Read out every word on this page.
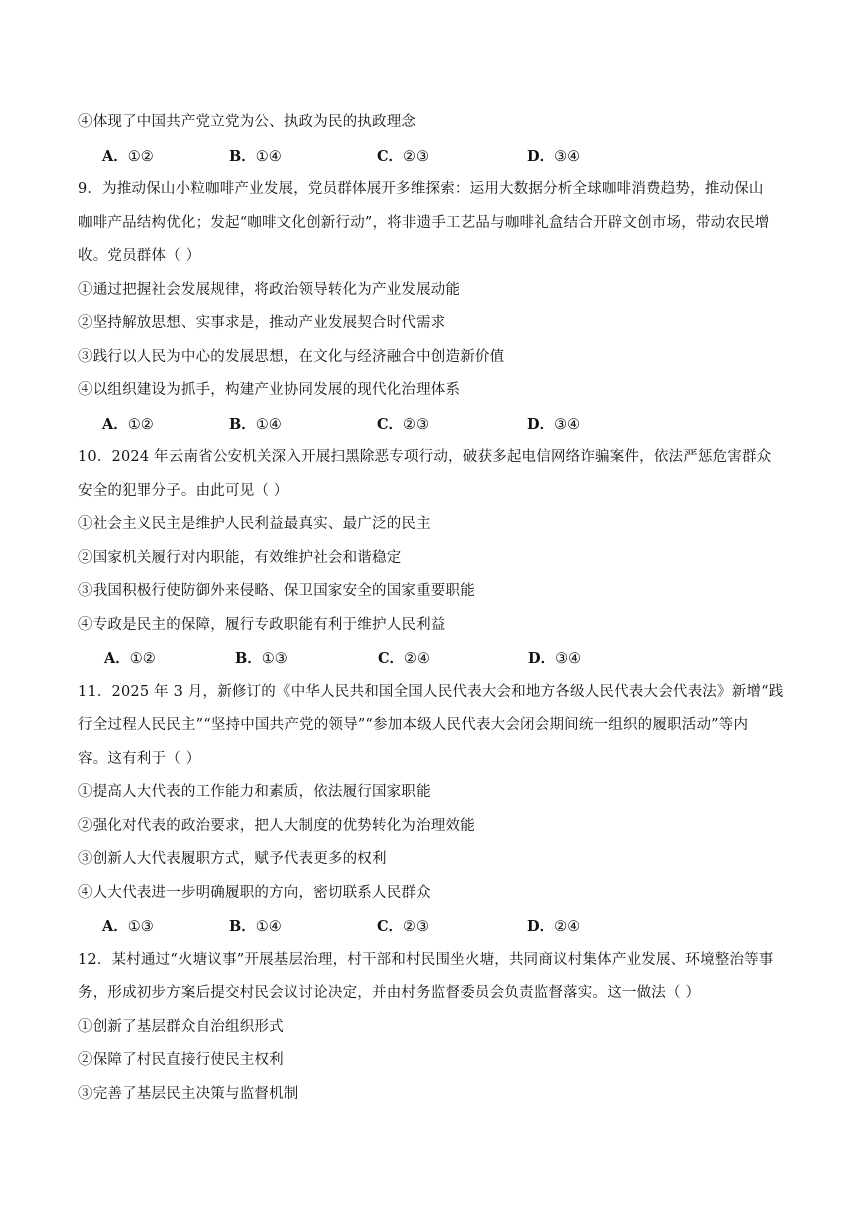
④体现了中国共产党立党为公、执政为民的执政理念
A．①②	B．①④	C．②③	D．③④
9．为推动保山小粒咖啡产业发展，党员群体展开多维探索：运用大数据分析全球咖啡消费趋势，推动保山
咖啡产品结构优化；发起“咖啡文化创新行动”，将非遗手工艺品与咖啡礼盒结合开辟文创市场，带动农民增
收。党员群体（ ）
①通过把握社会发展规律，将政治领导转化为产业发展动能
②坚持解放思想、实事求是，推动产业发展契合时代需求
③践行以人民为中心的发展思想，在文化与经济融合中创造新价值
④以组织建设为抓手，构建产业协同发展的现代化治理体系
A．①②	B．①④	C．②③	D．③④
10．2024 年云南省公安机关深入开展扫黑除恶专项行动，破获多起电信网络诈骗案件，依法严惩危害群众
安全的犯罪分子。由此可见（ ）
①社会主义民主是维护人民利益最真实、最广泛的民主
②国家机关履行对内职能，有效维护社会和谐稳定
③我国积极行使防御外来侵略、保卫国家安全的国家重要职能
④专政是民主的保障，履行专政职能有利于维护人民利益
A．①②	B．①③	C．②④	D．③④
11．2025 年 3 月，新修订的《中华人民共和国全国人民代表大会和地方各级人民代表大会代表法》新增“践
行全过程人民民主”“坚持中国共产党的领导”“参加本级人民代表大会闭会期间统一组织的履职活动”等内
容。这有利于（ ）
①提高人大代表的工作能力和素质，依法履行国家职能
②强化对代表的政治要求，把人大制度的优势转化为治理效能
③创新人大代表履职方式，赋予代表更多的权利
④人大代表进一步明确履职的方向，密切联系人民群众
A．①③	B．①④	C．②③	D．②④
12．某村通过“火塘议事”开展基层治理，村干部和村民围坐火塘，共同商议村集体产业发展、环境整治等事
务，形成初步方案后提交村民会议讨论决定，并由村务监督委员会负责监督落实。这一做法（ ）
①创新了基层群众自治组织形式
②保障了村民直接行使民主权利
③完善了基层民主决策与监督机制
